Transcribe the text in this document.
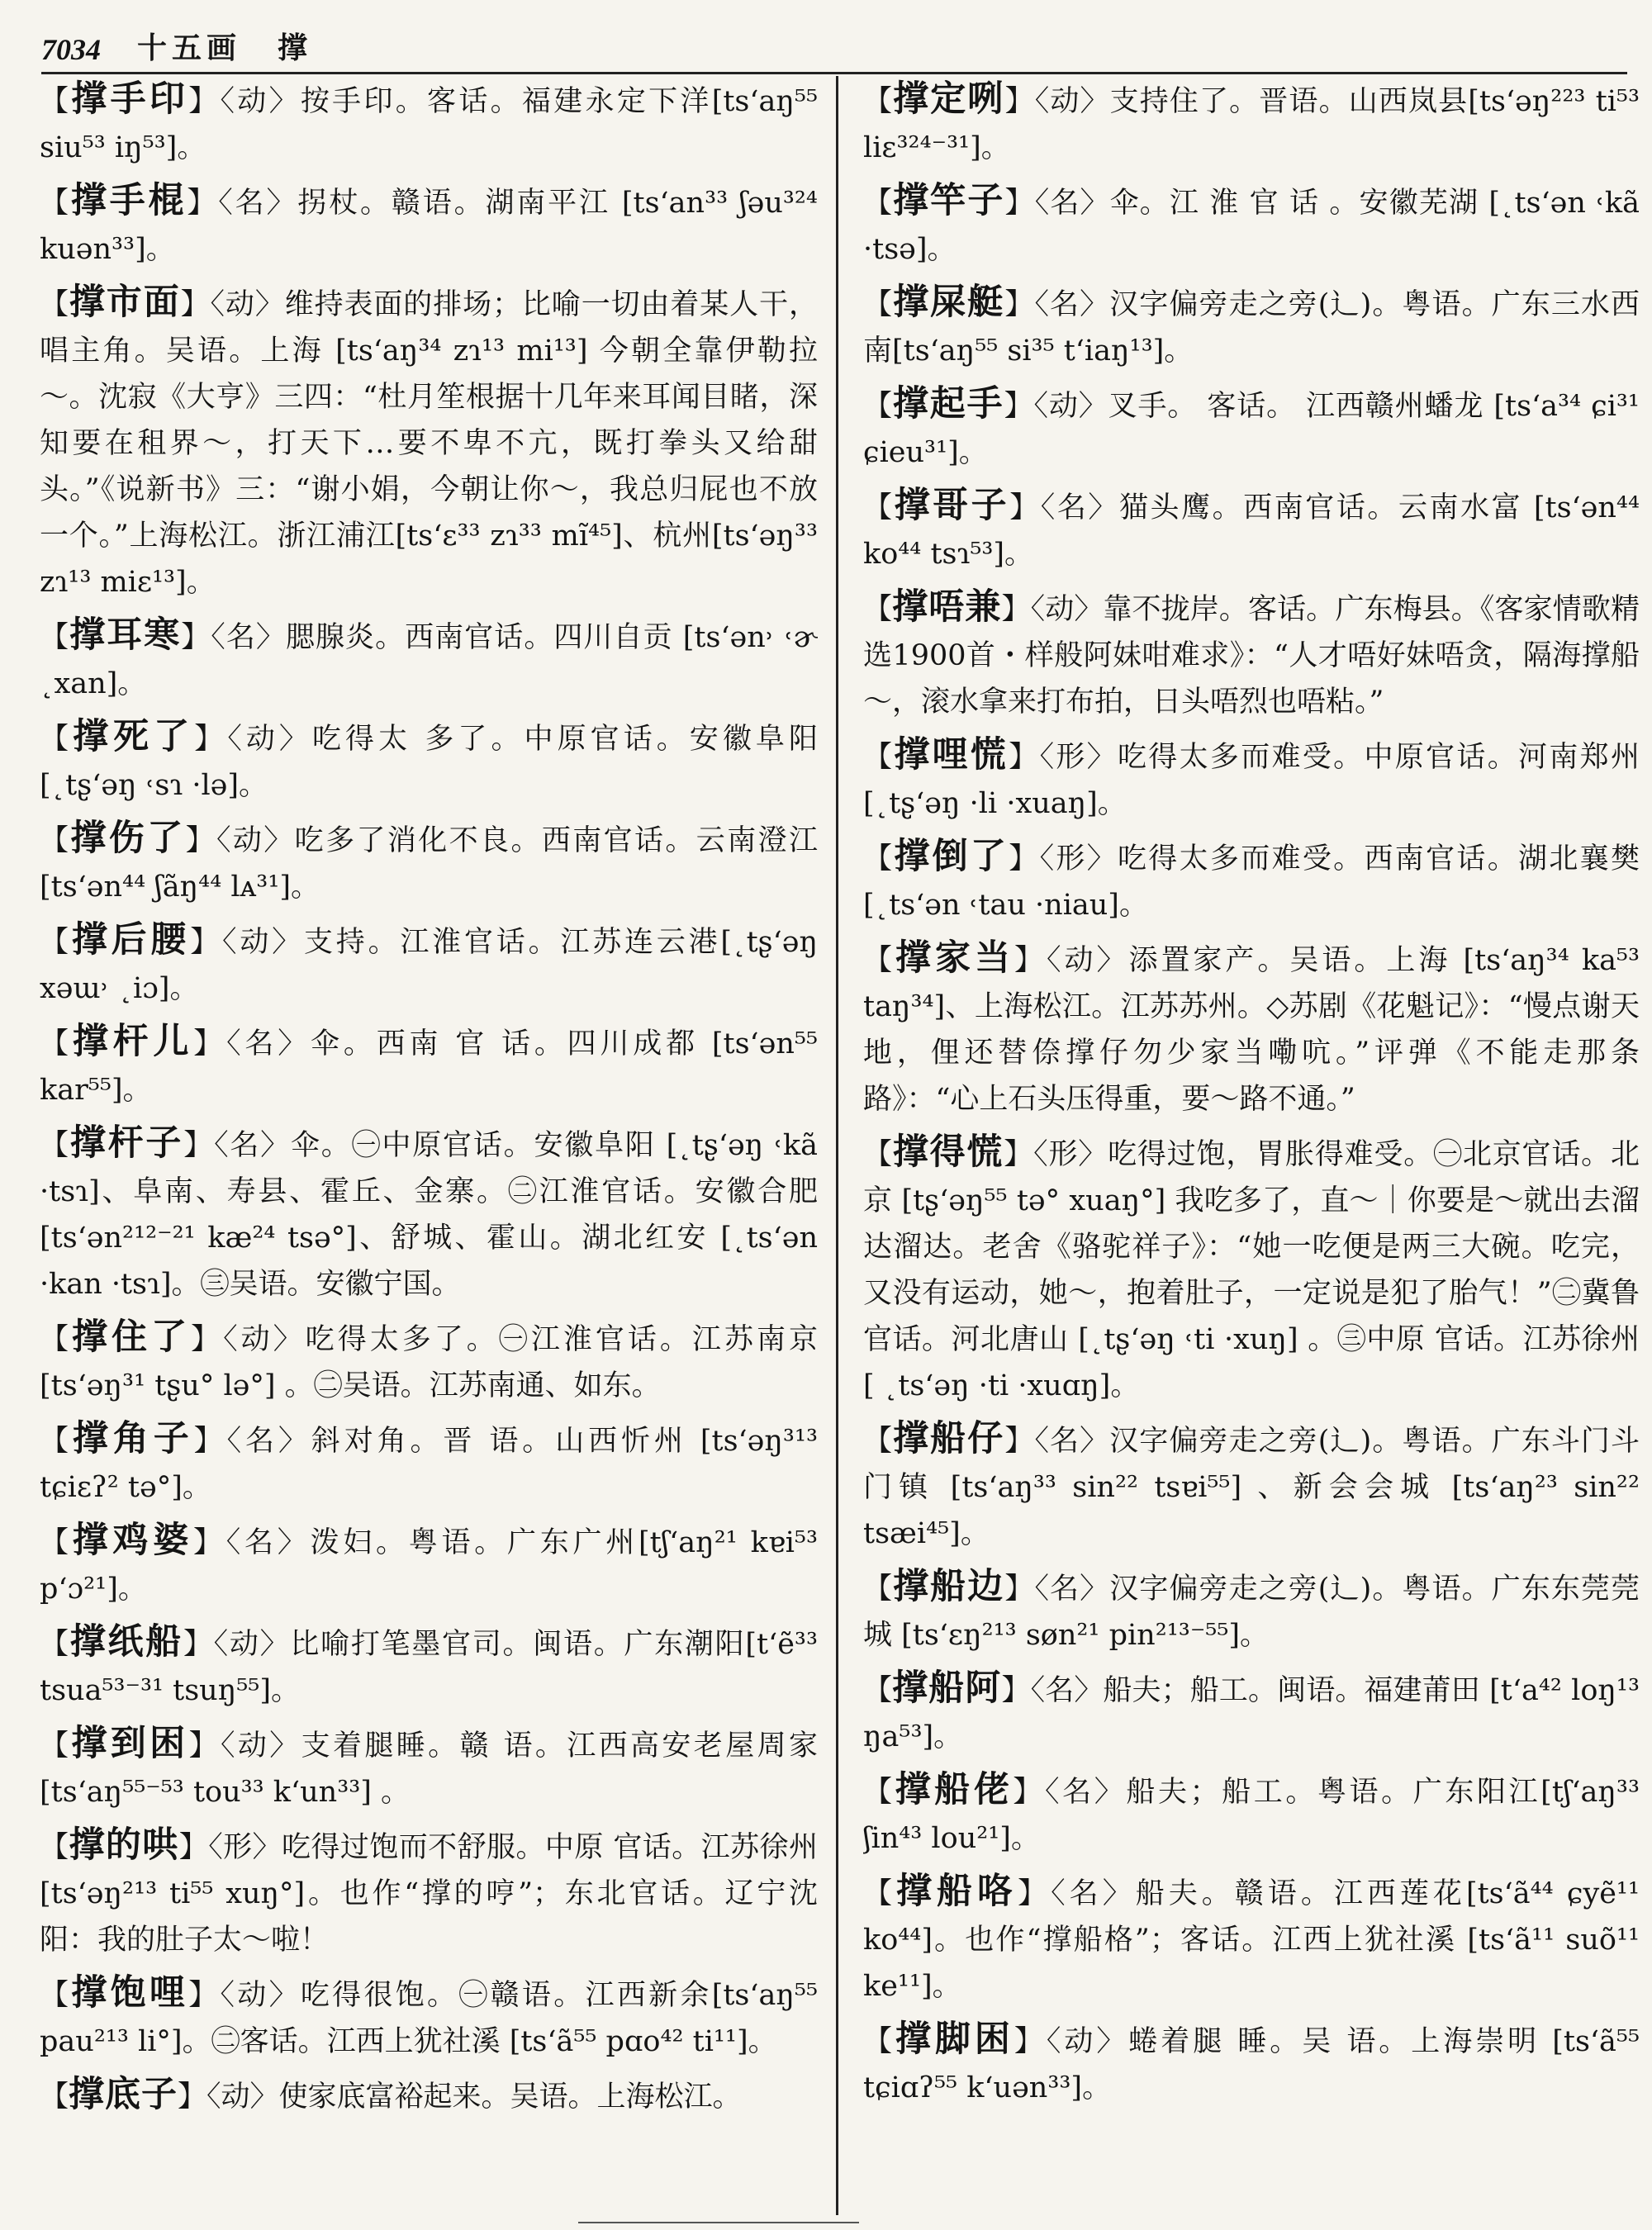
7034 十五画 撑

【撑手印】〈动〉按手印。客话。福建永定下洋[ts‘aŋ⁵⁵ siu⁵³ iŋ⁵³]。

【撑手棍】〈名〉拐杖。赣语。湖南平江 [ts‘an³³ ʃəu³²⁴ kuən³³]。

【撑市面】〈动〉维持表面的排场；比喻一切由着某人干，唱主角。吴语。上海 [ts‘aŋ³⁴ zɿ¹³ mi¹³] 今朝全靠伊勒拉～。沈寂《大亨》三四：“杜月笙根据十几年来耳闻目睹，深知要在租界～，打天下…要不卑不亢，既打拳头又给甜头。”《说新书》三：“谢小娟，今朝让你～，我总归屁也不放一个。”上海松江。浙江浦江[ts‘ɛ³³ zɿ³³ mĩ⁴⁵]、杭州[ts‘əŋ³³ zɿ¹³ miɛ¹³]。

【撑耳寒】〈名〉腮腺炎。西南官话。四川自贡 [ts‘ən˒ ˓ɚ ˛xan]。

【撑死了】〈动〉吃得太 多了。中原官话。安徽阜阳 [˛tʂ‘əŋ ˓sɿ ·lə]。

【撑伤了】〈动〉吃多了消化不良。西南官话。云南澄江 [ts‘ən⁴⁴ ʃãŋ⁴⁴ lᴀ³¹]。

【撑后腰】〈动〉支持。江淮官话。江苏连云港[˛tʂ‘əŋ xəɯ˒ ˛iɔ]。

【撑杆儿】〈名〉伞。西南 官 话。四川成都 [ts‘ən⁵⁵ kar⁵⁵]。

【撑杆子】〈名〉伞。㊀中原官话。安徽阜阳 [˛tʂ‘əŋ ˓kã ·tsɿ]、阜南、寿县、霍丘、金寨。㊁江淮官话。安徽合肥 [ts‘ən²¹²⁻²¹ kæ²⁴ tsə°]、舒城、霍山。湖北红安 [˛ts‘ən ·kan ·tsɿ]。㊂吴语。安徽宁国。

【撑住了】〈动〉吃得太多了。㊀江淮官话。江苏南京 [ts‘əŋ³¹ tʂu° lə°] 。㊁吴语。江苏南通、如东。

【撑角子】〈名〉斜对角。晋 语。山西忻州 [ts‘əŋ³¹³ tɕiɛʔ² tə°]。

【撑鸡婆】〈名〉泼妇。粤语。广东广州[tʃ‘aŋ²¹ kɐi⁵³ p‘ɔ²¹]。

【撑纸船】〈动〉比喻打笔墨官司。闽语。广东潮阳[t‘ẽ³³ tsua⁵³⁻³¹ tsuŋ⁵⁵]。

【撑到困】〈动〉支着腿睡。赣 语。江西高安老屋周家 [ts‘aŋ⁵⁵⁻⁵³ tou³³ k‘un³³] 。

【撑的哄】〈形〉吃得过饱而不舒服。中原 官话。江苏徐州 [ts‘əŋ²¹³ ti⁵⁵ xuŋ°]。也作“撑的哼”；东北官话。辽宁沈阳：我的肚子太～啦！

【撑饱哩】〈动〉吃得很饱。㊀赣语。江西新余[ts‘aŋ⁵⁵ pau²¹³ li°]。㊁客话。江西上犹社溪 [ts‘ã⁵⁵ pɑo⁴² ti¹¹]。

【撑底子】〈动〉使家底富裕起来。吴语。上海松江。

【撑定咧】〈动〉支持住了。晋语。山西岚县[ts‘əŋ²²³ ti⁵³ liɛ³²⁴⁻³¹]。

【撑竿子】〈名〉伞。江 淮 官 话 。安徽芜湖 [˛ts‘ən ˓kã ·tsə]。

【撑屎艇】〈名〉汉字偏旁走之旁(辶)。粤语。广东三水西南[ts‘aŋ⁵⁵ si³⁵ t‘iaŋ¹³]。

【撑起手】〈动〉叉手。 客话。 江西赣州蟠龙 [ts‘a³⁴ ɕi³¹ ɕieu³¹]。

【撑哥子】〈名〉猫头鹰。西南官话。云南水富 [ts‘ən⁴⁴ ko⁴⁴ tsɿ⁵³]。

【撑唔兼】〈动〉靠不拢岸。客话。广东梅县。《客家情歌精选1900首・样般阿妹咁难求》：“人才唔好妹唔贪，隔海撑船～，滚水拿来打布拍，日头唔烈也唔粘。”

【撑哩慌】〈形〉吃得太多而难受。中原官话。河南郑州 [˛tʂ‘əŋ ·li ·xuaŋ]。

【撑倒了】〈形〉吃得太多而难受。西南官话。湖北襄樊 [˛ts‘ən ˓tau ·niau]。

【撑家当】〈动〉添置家产。吴语。上海 [ts‘aŋ³⁴ ka⁵³ taŋ³⁴]、上海松江。江苏苏州。◇苏剧《花魁记》：“慢点谢天地，俚还替倷撑仔勿少家当嘞吭。”评弹《不能走那条路》：“心上石头压得重，要～路不通。”

【撑得慌】〈形〉吃得过饱，胃胀得难受。㊀北京官话。北京 [tʂ‘əŋ⁵⁵ tə° xuaŋ°] 我吃多了，直～｜你要是～就出去溜达溜达。老舍《骆驼祥子》：“她一吃便是两三大碗。吃完，又没有运动，她～，抱着肚子，一定说是犯了胎气！”㊁冀鲁官话。河北唐山 [˛tʂ‘əŋ ˓ti ·xuŋ] 。㊂中原 官话。江苏徐州 [ ˛ts‘əŋ ·ti ·xuɑŋ]。

【撑船仔】〈名〉汉字偏旁走之旁(辶)。粤语。广东斗门斗门镇 [ts‘aŋ³³ sin²² tsɐi⁵⁵] 、新会会城 [ts‘aŋ²³ sin²² tsæi⁴⁵]。

【撑船边】〈名〉汉字偏旁走之旁(辶)。粤语。广东东莞莞城 [ts‘ɛŋ²¹³ søn²¹ pin²¹³⁻⁵⁵]。

【撑船阿】〈名〉船夫；船工。闽语。福建莆田 [t‘a⁴² loŋ¹³ ŋa⁵³]。

【撑船佬】〈名〉船夫；船工。粤语。广东阳江[tʃ‘aŋ³³ ʃin⁴³ lou²¹]。

【撑船咯】〈名〉船夫。赣语。江西莲花[ts‘ã⁴⁴ ɕyẽ¹¹ ko⁴⁴]。也作“撑船格”；客话。江西上犹社溪 [ts‘ã¹¹ suõ¹¹ ke¹¹]。

【撑脚困】〈动〉蜷着腿 睡。吴 语。上海崇明 [ts‘ã⁵⁵ tɕiɑʔ⁵⁵ k‘uən³³]。
